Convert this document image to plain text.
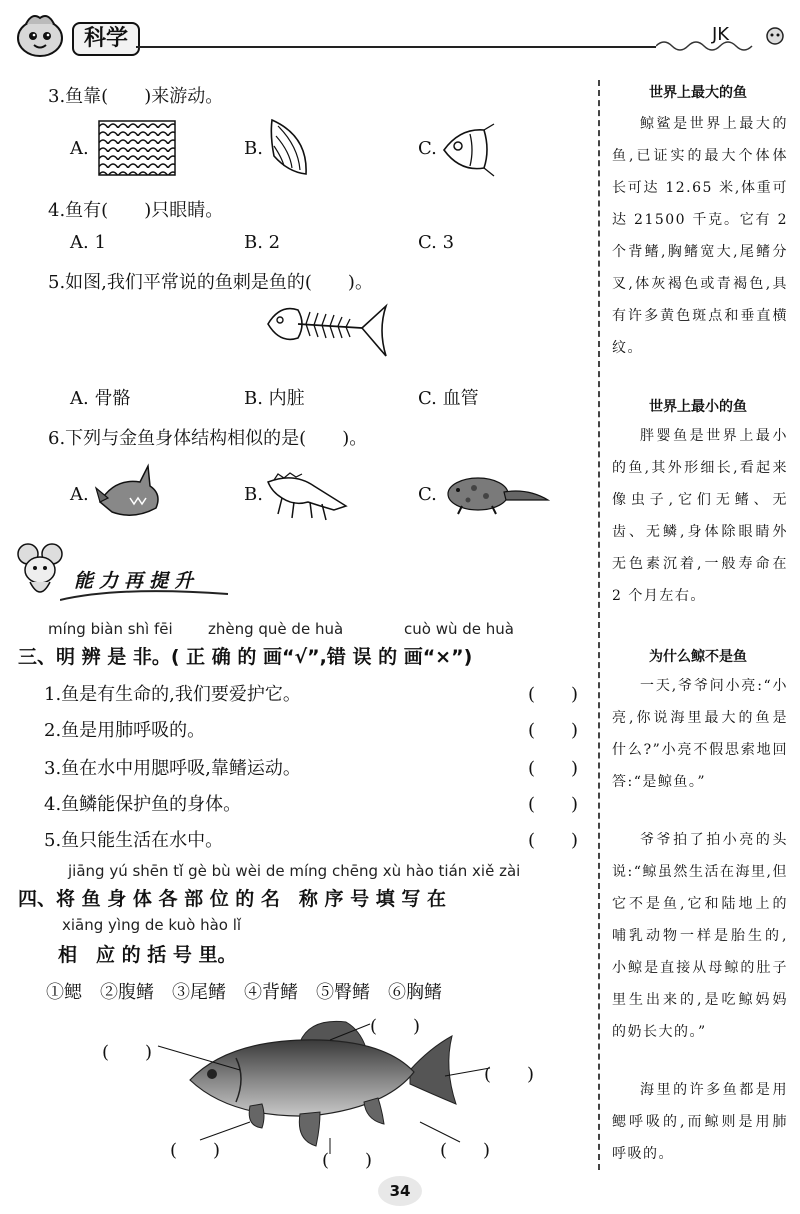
科学	JK
3.鱼靠(　　)来游动。
A.	B.	C.
4.鱼有(　　)只眼睛。
A. 1	B. 2	C. 3
5.如图,我们平常说的鱼刺是鱼的(　　)。
A. 骨骼	B. 内脏	C. 血管
6.下列与金鱼身体结构相似的是(　　)。
A.	B.	C.
能力再提升
míng biàn shì fēi zhèng què de huà	cuò wù de huà
三、明 辨 是 非。( 正 确 的 画“√”,错 误 的 画“×”)
1.鱼是有生命的,我们要爱护它。	(　　)
2.鱼是用肺呼吸的。	(　　)
3.鱼在水中用腮呼吸,靠鳍运动。	(　　)
4.鱼鳞能保护鱼的身体。	(　　)
5.鱼只能生活在水中。	(　　)
jiāng yú shēn tǐ gè bù wèi de míng chēng xù hào tián xiě zài
四、将 鱼 身 体 各 部 位 的 名　称 序 号 填 写 在
xiāng yìng de kuò hào lǐ
相　应 的 括 号 里。
①鳃　②腹鳍　③尾鳍　④背鳍　⑤臀鳍　⑥胸鳍
(　　)
(　　)
(　　)
(　　)	(　　)	(　　)
世界上最大的鱼
鲸鲨是世界上最大的鱼,已证实的最大个体体长可达 12.65 米,体重可达 21500 千克。它有 2 个背鳍,胸鳍宽大,尾鳍分叉,体灰褐色或青褐色,具有许多黄色斑点和垂直横纹。
世界上最小的鱼
胖婴鱼是世界上最小的鱼,其外形细长,看起来像虫子,它们无鳍、无齿、无鳞,身体除眼睛外无色素沉着,一般寿命在 2 个月左右。
为什么鲸不是鱼
一天,爷爷问小亮:“小亮,你说海里最大的鱼是什么?”小亮不假思索地回答:“是鲸鱼。”
爷爷拍了拍小亮的头说:“鲸虽然生活在海里,但它不是鱼,它和陆地上的哺乳动物一样是胎生的,小鲸是直接从母鲸的肚子里生出来的,是吃鲸妈妈的奶长大的。”
海里的许多鱼都是用鳃呼吸的,而鲸则是用肺呼吸的。
34
